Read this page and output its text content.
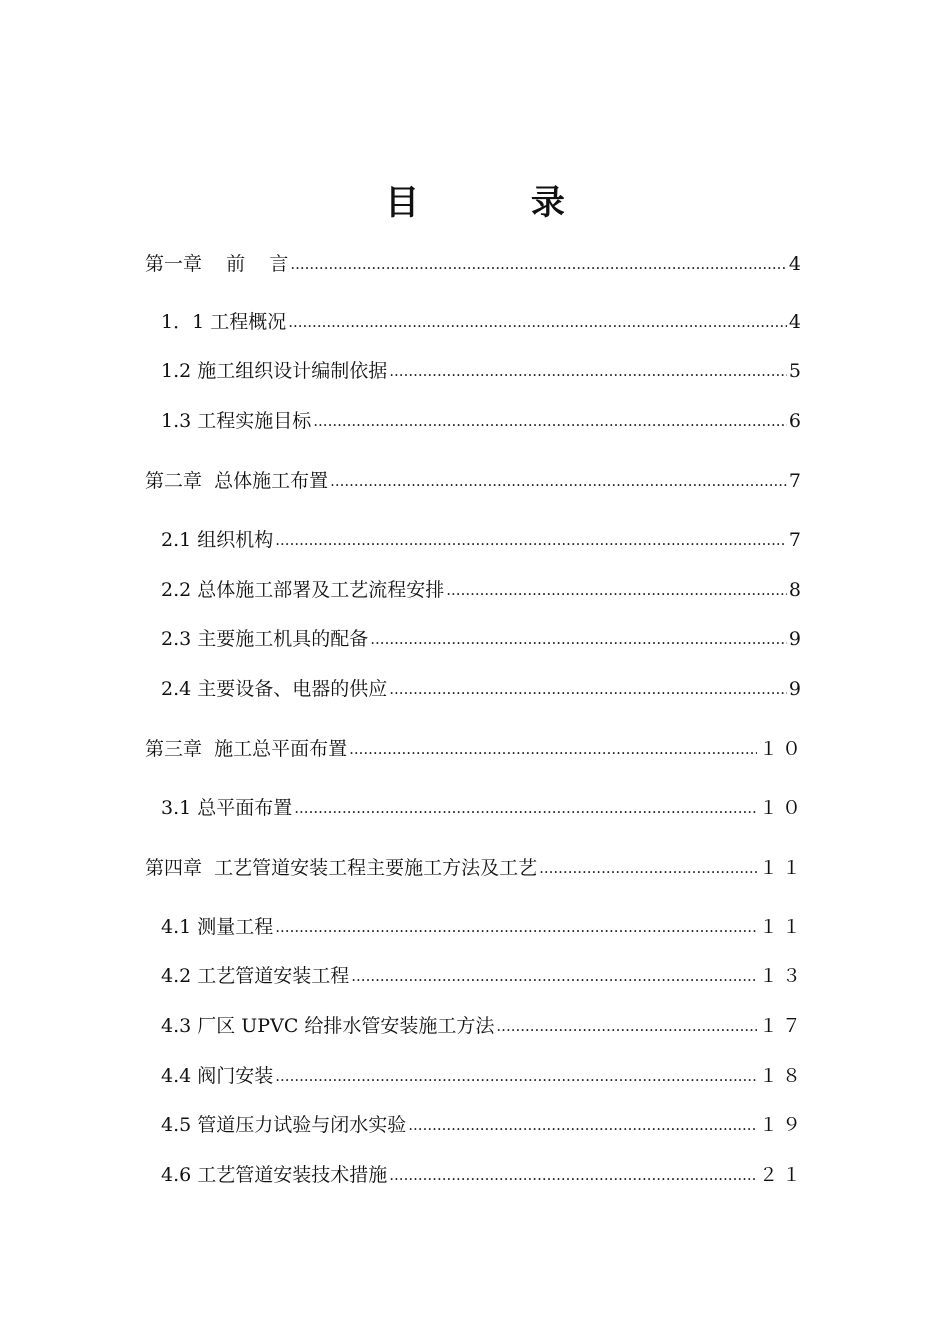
目 录
第一章    前    言 .....	4
1．1 工程概况 .....	4
1.2 施工组织设计编制依据 .....	5
1.3 工程实施目标 .....	6
第二章  总体施工布置 .....	7
2.1 组织机构 .....	7
2.2 总体施工部署及工艺流程安排 .....	8
2.3 主要施工机具的配备 .....	9
2.4 主要设备、电器的供应 .....	9
第三章  施工总平面布置 .....	１０
3.1 总平面布置 .....	１０
第四章  工艺管道安装工程主要施工方法及工艺 .....	１１
4.1 测量工程 .....	１１
4.2 工艺管道安装工程 .....	１３
4.3 厂区 UPVC 给排水管安装施工方法 .....	１７
4.4 阀门安装 .....	１８
4.5 管道压力试验与闭水实验 .....	１９
4.6 工艺管道安装技术措施 .....	２１
